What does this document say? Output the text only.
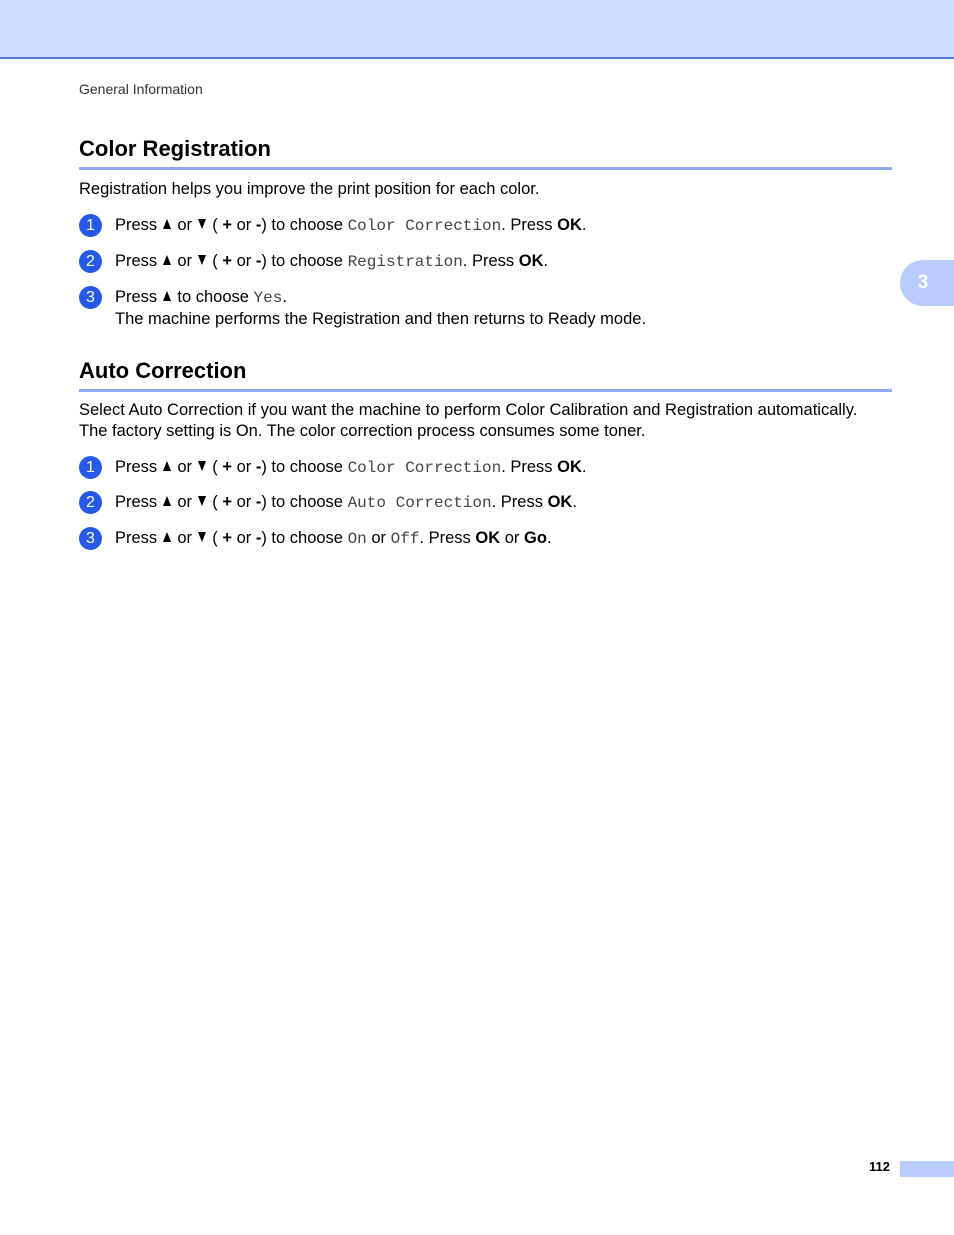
General Information
3
Color Registration

Registration helps you improve the print position for each color.

1	Press or ( + or -) to choose Color Correction. Press OK.

2	Press or ( + or -) to choose Registration. Press OK.

3	Press to choose Yes.

The machine performs the Registration and then returns to Ready mode.

Auto Correction

Select Auto Correction if you want the machine to perform Color Calibration and Registration automatically.

The factory setting is On. The color correction process consumes some toner.

1	Press or ( + or -) to choose Color Correction. Press OK.

2	Press or ( + or -) to choose Auto Correction. Press OK.

3	Press or ( + or -) to choose On or Off. Press OK or Go.

112
